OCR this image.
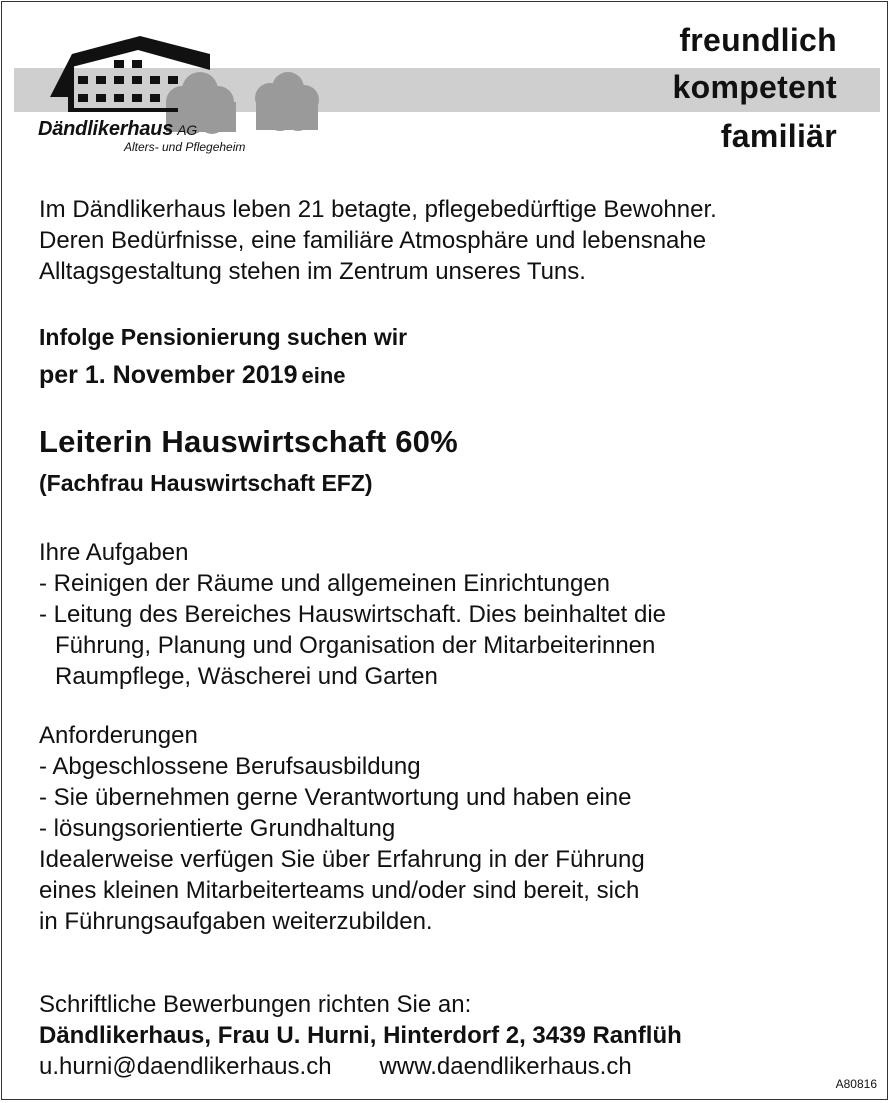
Dändlikerhaus AG
Alters- und Pflegeheim
freundlich
kompetent
familiär
Im Dändlikerhaus leben 21 betagte, pflegebedürftige Bewohner.
Deren Bedürfnisse, eine familiäre Atmosphäre und lebensnahe
Alltagsgestaltung stehen im Zentrum unseres Tuns.
Infolge Pensionierung suchen wir
per 1. November 2019 eine
Leiterin Hauswirtschaft 60%
(Fachfrau Hauswirtschaft EFZ)
Ihre Aufgaben
- Reinigen der Räume und allgemeinen Einrichtungen
- Leitung des Bereiches Hauswirtschaft. Dies beinhaltet die
Führung, Planung und Organisation der Mitarbeiterinnen
Raumpflege, Wäscherei und Garten
Anforderungen
- Abgeschlossene Berufsausbildung
- Sie übernehmen gerne Verantwortung und haben eine
- lösungsorientierte Grundhaltung
Idealerweise verfügen Sie über Erfahrung in der Führung
eines kleinen Mitarbeiterteams und/oder sind bereit, sich
in Führungsaufgaben weiterzubilden.
Schriftliche Bewerbungen richten Sie an:
Dändlikerhaus, Frau U. Hurni, Hinterdorf 2, 3439 Ranflüh
u.hurni@daendlikerhaus.ch www.daendlikerhaus.ch
A80816
